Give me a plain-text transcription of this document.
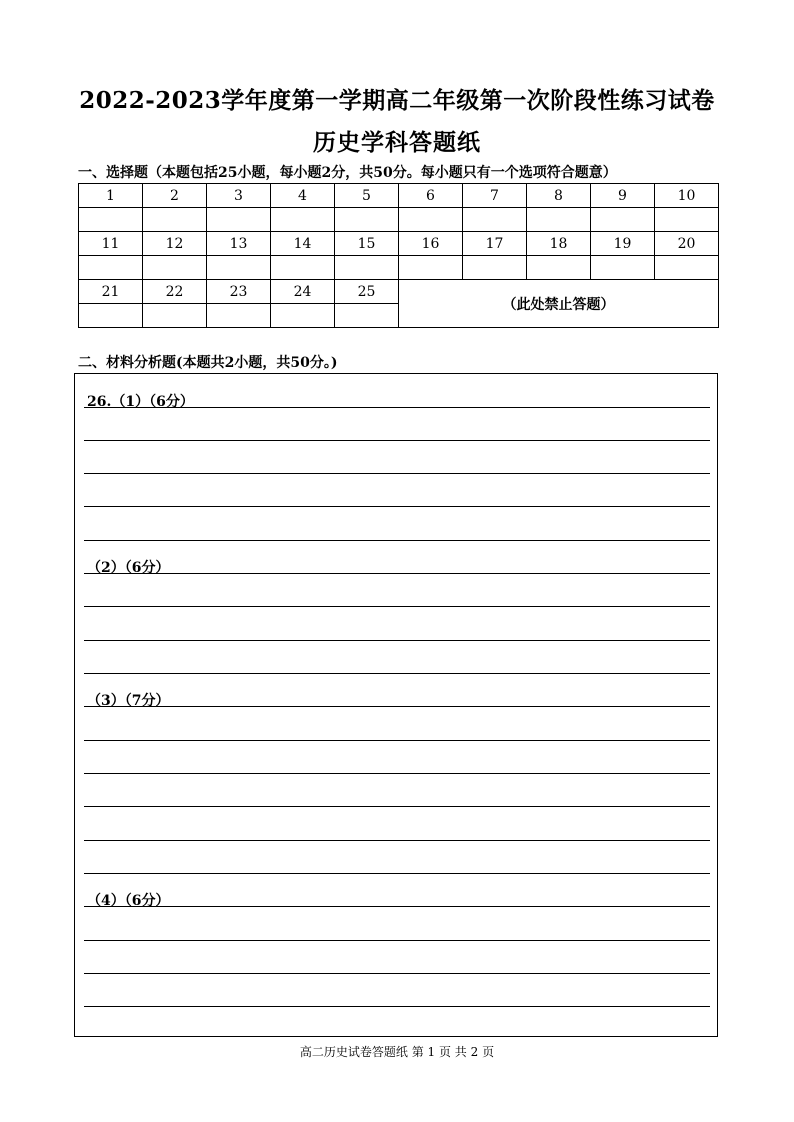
2022-2023学年度第一学期高二年级第一次阶段性练习试卷
历史学科答题纸
一、选择题（本题包括25小题，每小题2分，共50分。每小题只有一个选项符合题意）
1	2	3	4	5	6	7	8	9	10

11	12	13	14	15	16	17	18	19	20

21	22	23	24	25	（此处禁止答题）				

二、材料分析题(本题共2小题，共50分。)
26.（1）（6分）
（2）（6分）
（3）（7分）
（4）（6分）
高二历史试卷答题纸 第 1 页 共 2 页
